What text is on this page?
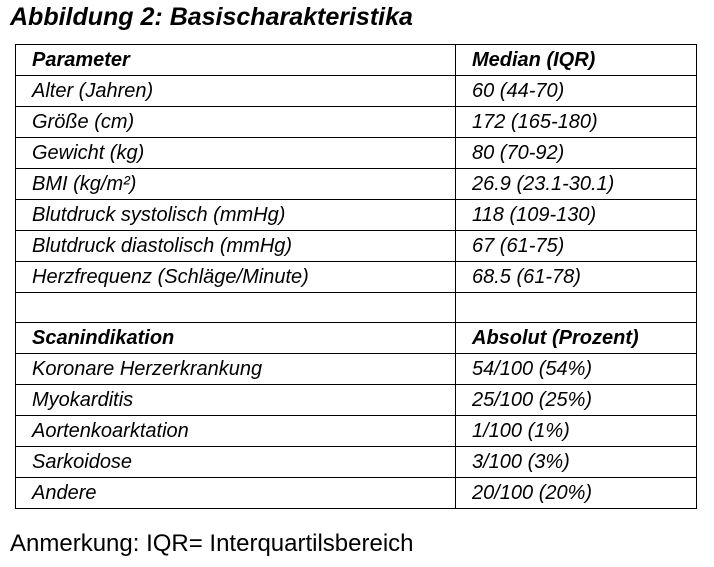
Abbildung 2: Basischarakteristika
Parameter	Median (IQR)
Alter (Jahren)	60 (44-70)
Größe (cm)	172 (165-180)
Gewicht (kg)	80 (70-92)
BMI (kg/m²)	26.9 (23.1-30.1)
Blutdruck systolisch (mmHg)	118 (109-130)
Blutdruck diastolisch (mmHg)	67 (61-75)
Herzfrequenz (Schläge/Minute)	68.5 (61-78)

Scanindikation	Absolut (Prozent)
Koronare Herzerkrankung	54/100 (54%)
Myokarditis	25/100 (25%)
Aortenkoarktation	1/100 (1%)
Sarkoidose	3/100 (3%)
Andere	20/100 (20%)
Anmerkung: IQR= Interquartilsbereich
